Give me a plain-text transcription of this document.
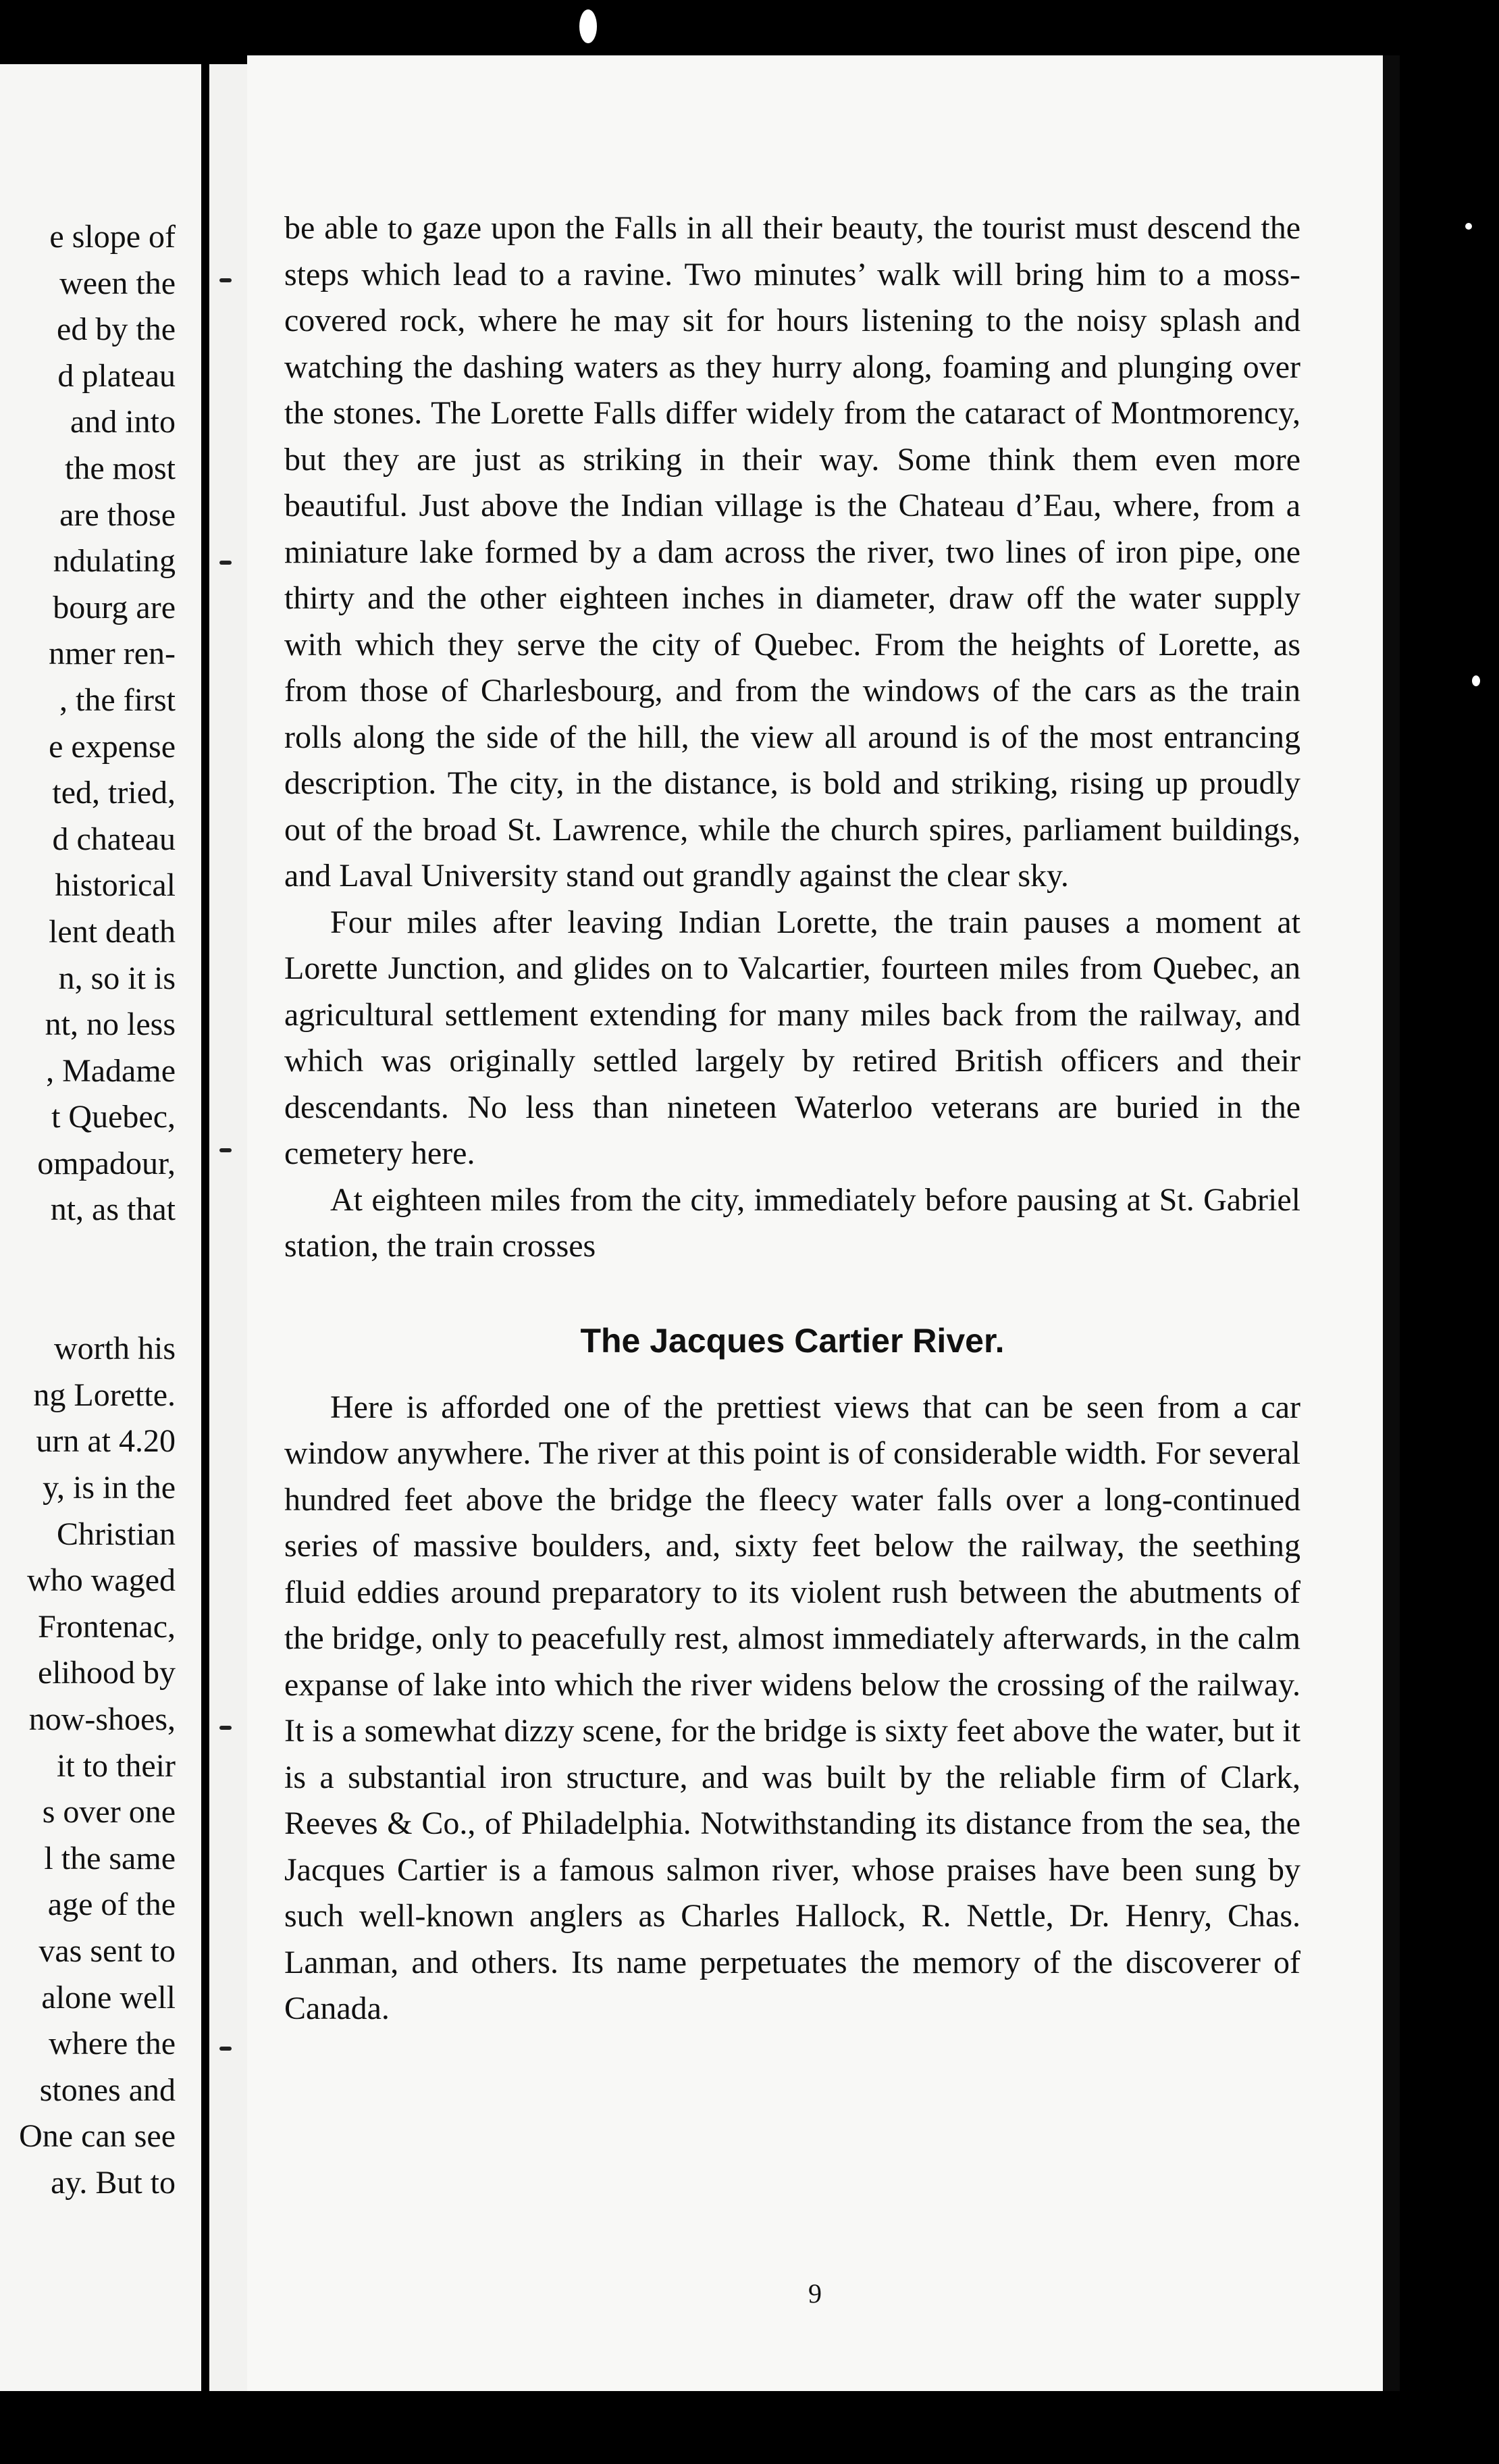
e slope of
ween the
ed by the
d plateau
and into
the most
are those
ndulating
bourg are
nmer ren-
, the first
e expense
ted, tried,
d chateau
historical
lent death
n, so it is
nt, no less
, Madame
t Quebec,
ompadour,
nt, as that
worth his
ng Lorette.
urn at 4.20
y, is in the
Christian
who waged
Frontenac,
elihood by
now-shoes,
it to their
s over one
l the same
age of the
vas sent to
alone well
where the
stones and
One can see
ay. But to

be able to gaze upon the Falls in all their beauty, the tourist must descend the steps which lead to a ravine. Two minutes’ walk will bring him to a moss-covered rock, where he may sit for hours listening to the noisy splash and watching the dashing waters as they hurry along, foaming and plunging over the stones. The Lorette Falls differ widely from the cataract of Montmorency, but they are just as striking in their way. Some think them even more beautiful. Just above the Indian village is the Chateau d’Eau, where, from a miniature lake formed by a dam across the river, two lines of iron pipe, one thirty and the other eighteen inches in diameter, draw off the water supply with which they serve the city of Quebec. From the heights of Lorette, as from those of Charlesbourg, and from the windows of the cars as the train rolls along the side of the hill, the view all around is of the most entrancing description. The city, in the distance, is bold and striking, rising up proudly out of the broad St. Lawrence, while the church spires, parliament buildings, and Laval University stand out grandly against the clear sky.

Four miles after leaving Indian Lorette, the train pauses a moment at Lorette Junction, and glides on to Valcartier, fourteen miles from Quebec, an agricultural settlement extending for many miles back from the railway, and which was originally settled largely by retired British officers and their descendants. No less than nineteen Waterloo veterans are buried in the cemetery here.

At eighteen miles from the city, immediately before pausing at St. Gabriel station, the train crosses

The Jacques Cartier River.

Here is afforded one of the prettiest views that can be seen from a car window anywhere. The river at this point is of considerable width. For several hundred feet above the bridge the fleecy water falls over a long-continued series of massive boulders, and, sixty feet below the railway, the seething fluid eddies around preparatory to its violent rush between the abutments of the bridge, only to peacefully rest, almost immediately afterwards, in the calm expanse of lake into which the river widens below the crossing of the railway. It is a somewhat dizzy scene, for the bridge is sixty feet above the water, but it is a substantial iron structure, and was built by the reliable firm of Clark, Reeves & Co., of Philadelphia. Notwithstanding its distance from the sea, the Jacques Cartier is a famous salmon river, whose praises have been sung by such well-known anglers as Charles Hallock, R. Nettle, Dr. Henry, Chas. Lanman, and others. Its name perpetuates the memory of the discoverer of Canada.

9
